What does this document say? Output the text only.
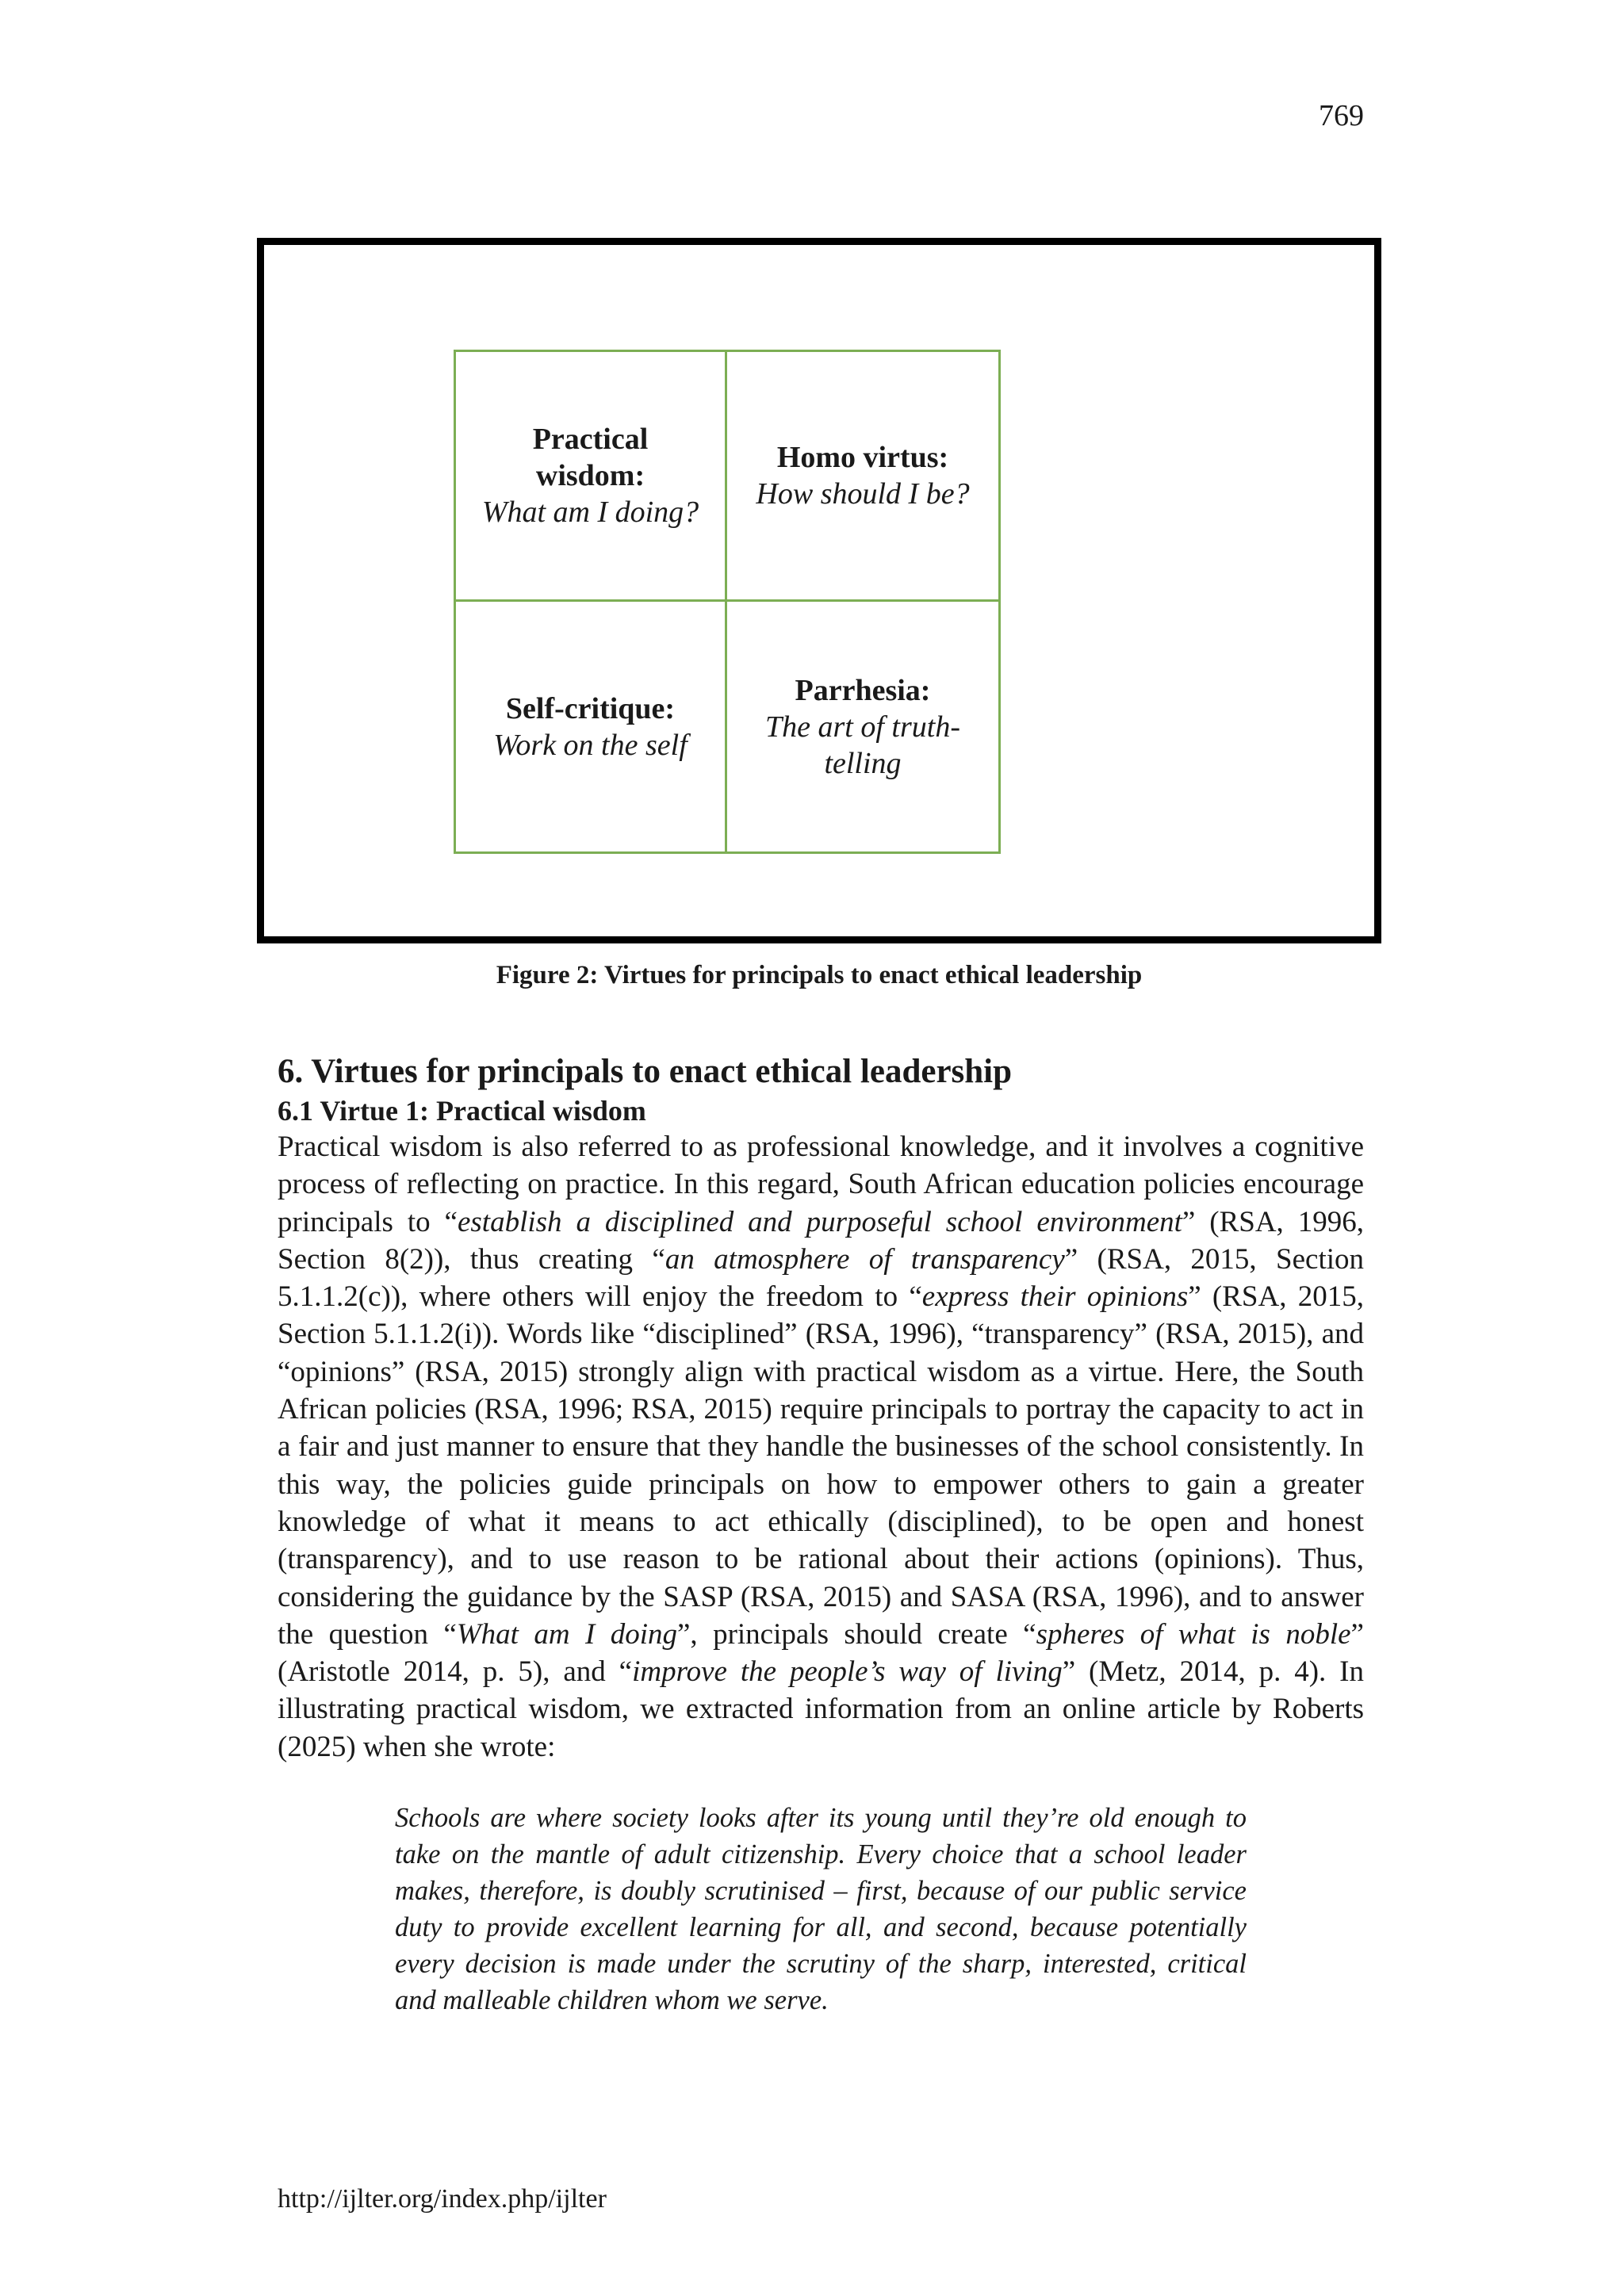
769
Practical wisdom:
What am I doing?
Homo virtus:
How should I be?
Self-critique:
Work on the self
Parrhesia:
The art of truth-telling
Figure 2: Virtues for principals to enact ethical leadership
6. Virtues for principals to enact ethical leadership
6.1 Virtue 1: Practical wisdom

Practical wisdom is also referred to as professional knowledge, and it involves a cognitive process of reflecting on practice. In this regard, South African education policies encourage principals to “establish a disciplined and purposeful school environment” (RSA, 1996, Section 8(2)), thus creating “an atmosphere of transparency” (RSA, 2015, Section 5.1.1.2(c)), where others will enjoy the freedom to “express their opinions” (RSA, 2015, Section 5.1.1.2(i)). Words like “disciplined” (RSA, 1996), “transparency” (RSA, 2015), and “opinions” (RSA, 2015) strongly align with practical wisdom as a virtue. Here, the South African policies (RSA, 1996; RSA, 2015) require principals to portray the capacity to act in a fair and just manner to ensure that they handle the businesses of the school consistently. In this way, the policies guide principals on how to empower others to gain a greater knowledge of what it means to act ethically (disciplined), to be open and honest (transparency), and to use reason to be rational about their actions (opinions). Thus, considering the guidance by the SASP (RSA, 2015) and SASA (RSA, 1996), and to answer the question “What am I doing”, principals should create “spheres of what is noble” (Aristotle 2014, p. 5), and “improve the people’s way of living” (Metz, 2014, p. 4). In illustrating practical wisdom, we extracted information from an online article by Roberts (2025) when she wrote:

Schools are where society looks after its young until they’re old enough to take on the mantle of adult citizenship. Every choice that a school leader makes, therefore, is doubly scrutinised – first, because of our public service duty to provide excellent learning for all, and second, because potentially every decision is made under the scrutiny of the sharp, interested, critical and malleable children whom we serve.

http://ijlter.org/index.php/ijlter
